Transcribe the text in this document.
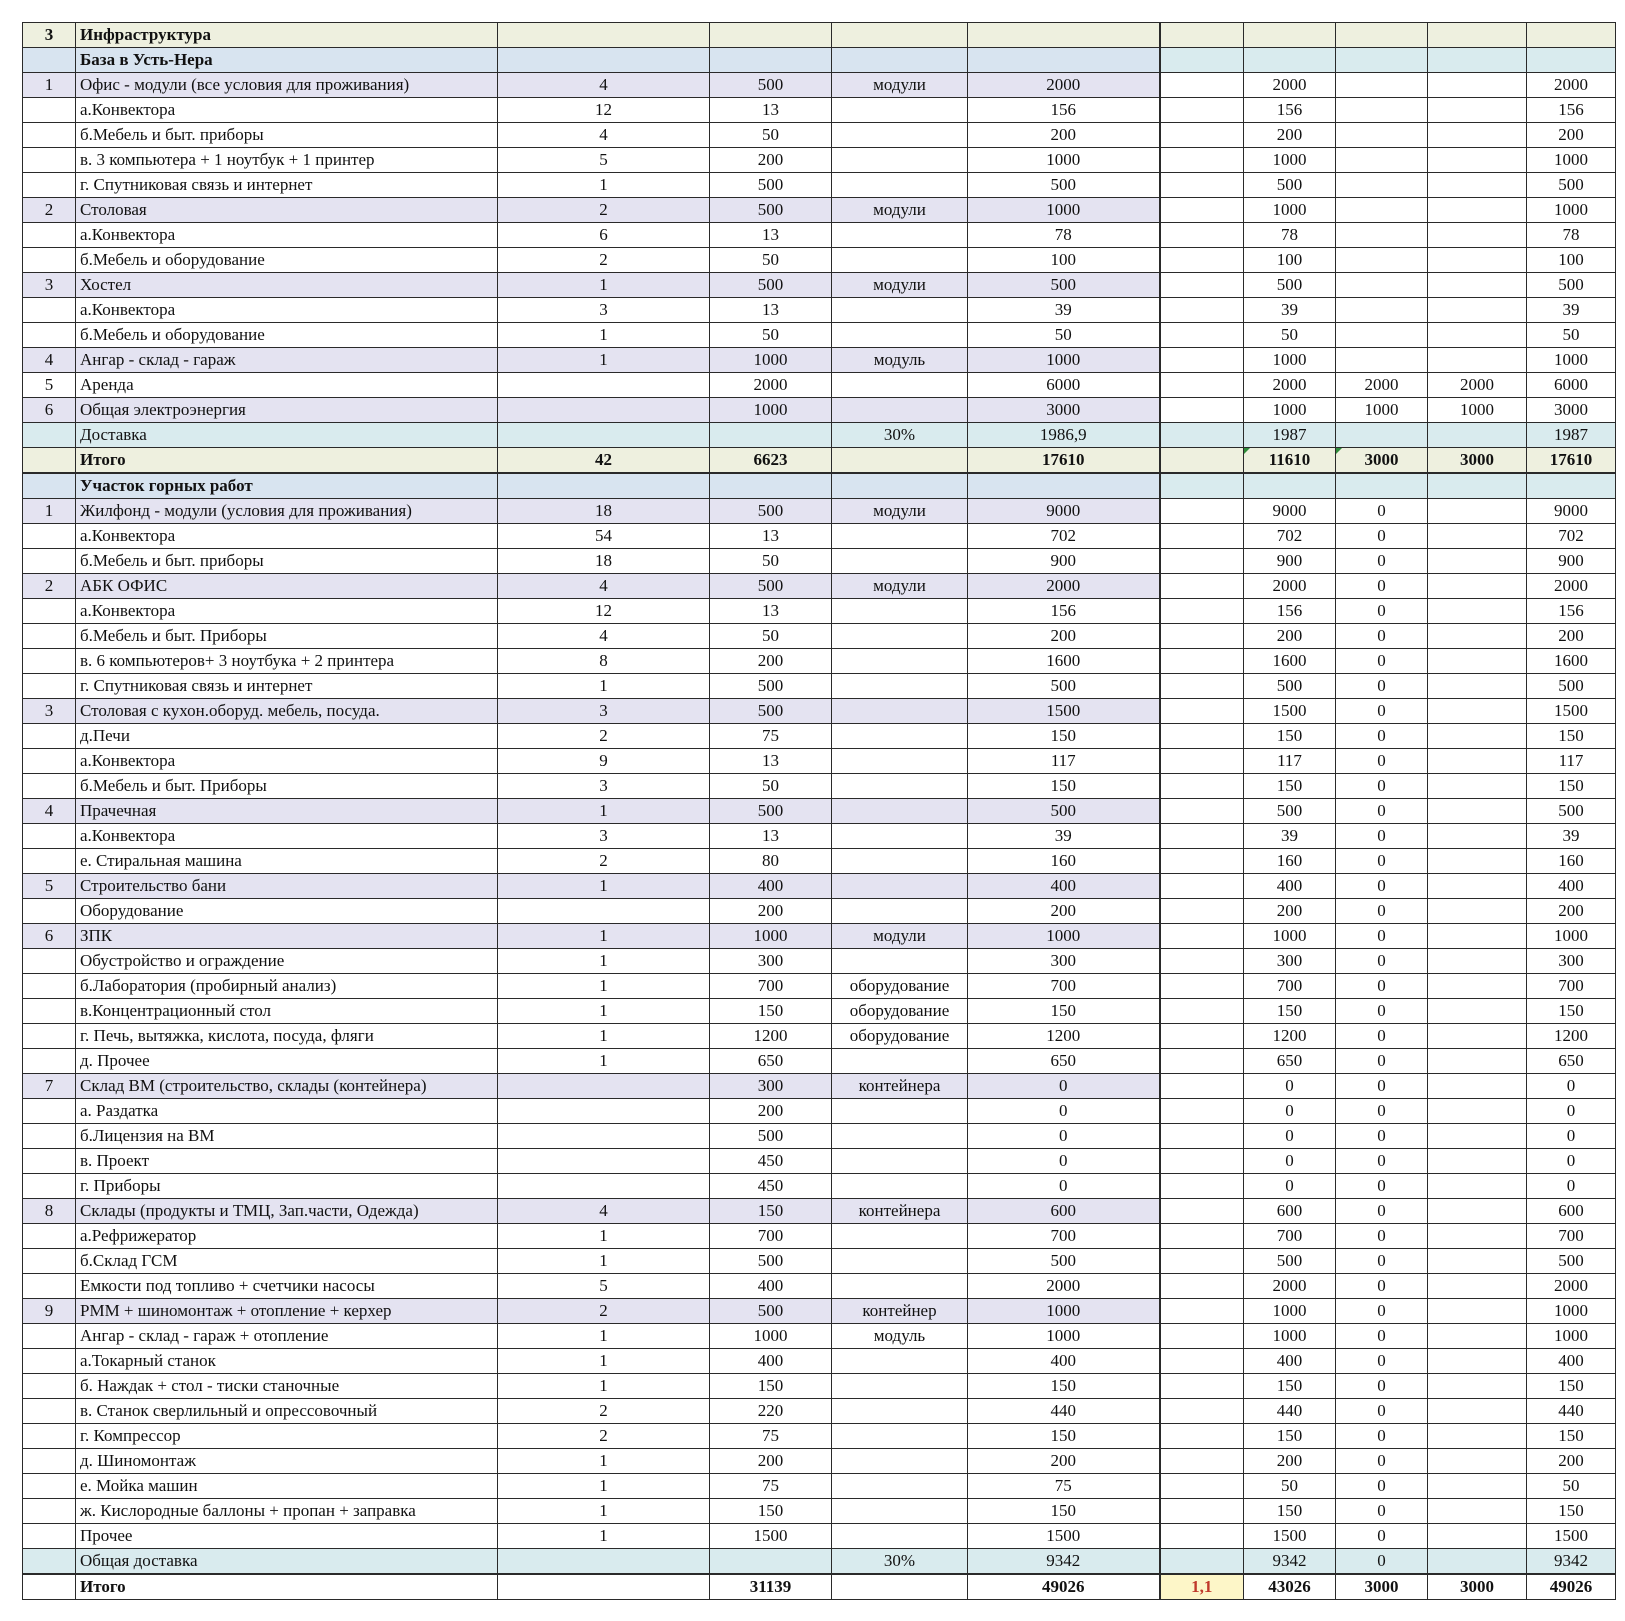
3	Инфраструктура									
	База в Усть-Нера									
1	Офис - модули (все условия для проживания)	4	500	модули	2000		2000			2000
	а.Конвектора	12	13		156		156			156
	б.Мебель и быт. приборы	4	50		200		200			200
	в. 3 компьютера + 1 ноутбук + 1 принтер	5	200		1000		1000			1000
	г. Спутниковая связь и интернет	1	500		500		500			500
2	Столовая	2	500	модули	1000		1000			1000
	а.Конвектора	6	13		78		78			78
	б.Мебель и оборудование	2	50		100		100			100
3	Хостел	1	500	модули	500		500			500
	а.Конвектора	3	13		39		39			39
	б.Мебель и оборудование	1	50		50		50			50
4	Ангар - склад - гараж	1	1000	модуль	1000		1000			1000
5	Аренда		2000		6000		2000	2000	2000	6000
6	Общая электроэнергия		1000		3000		1000	1000	1000	3000
	Доставка			30%	1986,9		1987			1987
	Итого	42	6623		17610		11610	3000	3000	17610
	Участок горных работ									
1	Жилфонд - модули (условия для проживания)	18	500	модули	9000		9000	0		9000
	а.Конвектора	54	13		702		702	0		702
	б.Мебель и быт. приборы	18	50		900		900	0		900
2	АБК ОФИС	4	500	модули	2000		2000	0		2000
	а.Конвектора	12	13		156		156	0		156
	б.Мебель и быт. Приборы	4	50		200		200	0		200
	в. 6 компьютеров+ 3 ноутбука + 2 принтера	8	200		1600		1600	0		1600
	г. Спутниковая связь и интернет	1	500		500		500	0		500
3	Столовая с кухон.оборуд. мебель, посуда.	3	500		1500		1500	0		1500
	д.Печи	2	75		150		150	0		150
	а.Конвектора	9	13		117		117	0		117
	б.Мебель и быт. Приборы	3	50		150		150	0		150
4	Прачечная	1	500		500		500	0		500
	а.Конвектора	3	13		39		39	0		39
	е. Стиральная машина	2	80		160		160	0		160
5	Строительство бани	1	400		400		400	0		400
	Оборудование		200		200		200	0		200
6	ЗПК	1	1000	модули	1000		1000	0		1000
	Обустройство и ограждение	1	300		300		300	0		300
	б.Лаборатория (пробирный анализ)	1	700	оборудование	700		700	0		700
	в.Концентрационный стол	1	150	оборудование	150		150	0		150
	г. Печь, вытяжка, кислота, посуда, фляги	1	1200	оборудование	1200		1200	0		1200
	д. Прочее	1	650		650		650	0		650
7	Склад ВМ (строительство, склады (контейнера)		300	контейнера	0		0	0		0
	а. Раздатка		200		0		0	0		0
	б.Лицензия на ВМ		500		0		0	0		0
	в. Проект		450		0		0	0		0
	г. Приборы		450		0		0	0		0
8	Склады (продукты и ТМЦ, Зап.части, Одежда)	4	150	контейнера	600		600	0		600
	а.Рефрижератор	1	700		700		700	0		700
	б.Склад ГСМ	1	500		500		500	0		500
	Емкости под топливо + счетчики насосы	5	400		2000		2000	0		2000
9	РММ + шиномонтаж + отопление + керхер	2	500	контейнер	1000		1000	0		1000
	Ангар - склад - гараж + отопление	1	1000	модуль	1000		1000	0		1000
	а.Токарный станок	1	400		400		400	0		400
	б. Наждак + стол - тиски станочные	1	150		150		150	0		150
	в. Станок сверлильный и опрессовочный	2	220		440		440	0		440
	г. Компрессор	2	75		150		150	0		150
	д. Шиномонтаж	1	200		200		200	0		200
	е. Мойка машин	1	75		75		50	0		50
	ж. Кислородные баллоны + пропан + заправка	1	150		150		150	0		150
	Прочее	1	1500		1500		1500	0		1500
	Общая доставка			30%	9342		9342	0		9342
	Итого		31139		49026	1,1	43026	3000	3000	49026
